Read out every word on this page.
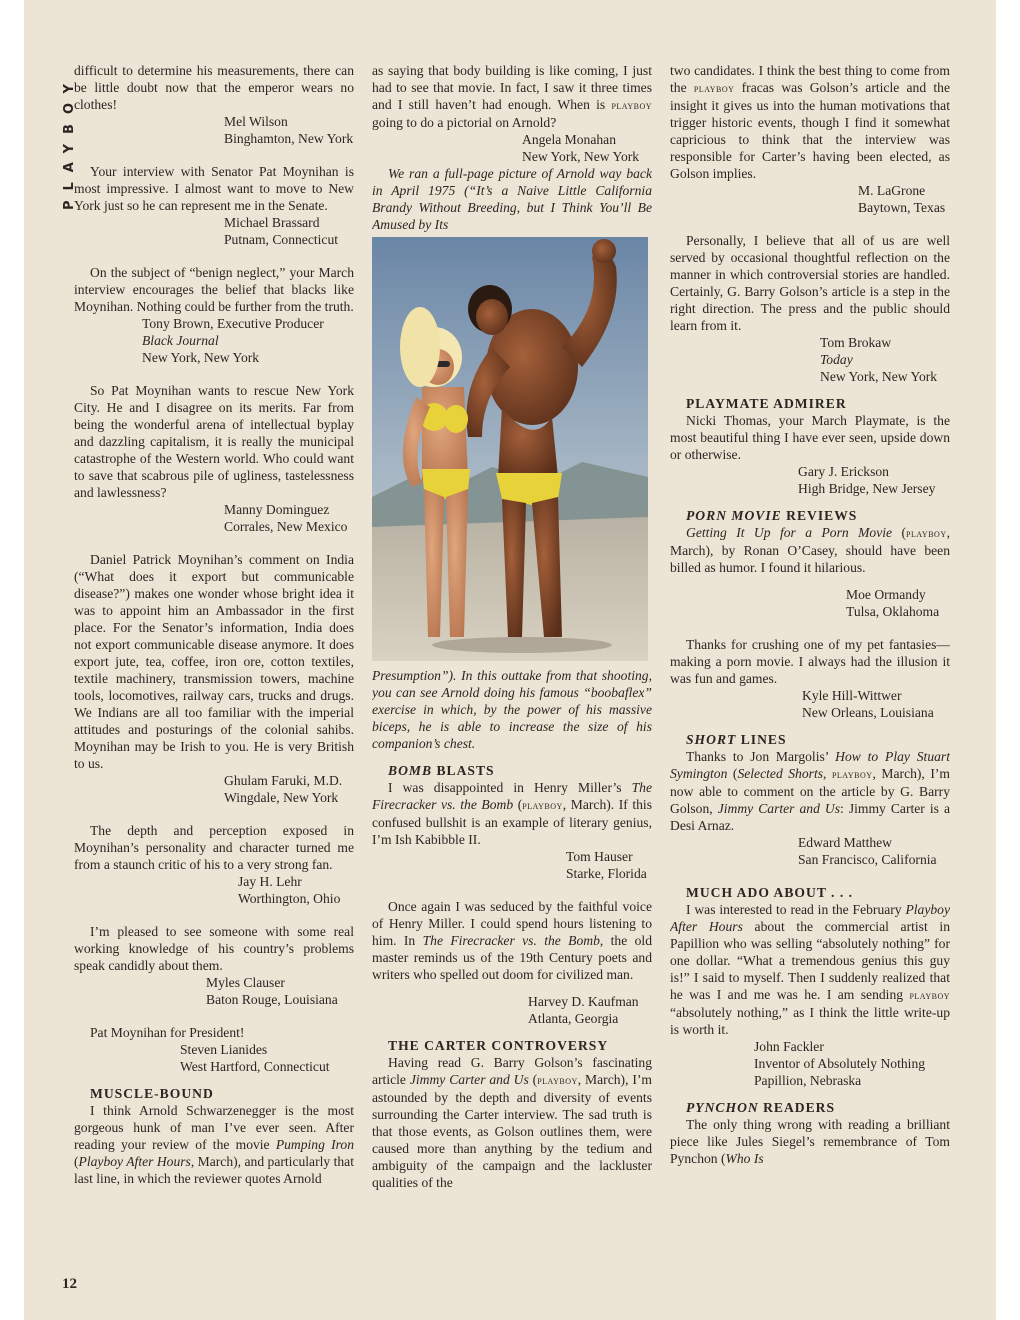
PLAYBOY
12

difficult to determine his measurements, there can be little doubt now that the emperor wears no clothes!

Mel Wilson

Binghamton, New York

Your interview with Senator Pat Moynihan is most impressive. I almost want to move to New York just so he can represent me in the Senate.

Michael Brassard

Putnam, Connecticut

On the subject of “benign neglect,” your March interview encourages the belief that blacks like Moynihan. Nothing could be further from the truth.

Tony Brown, Executive Producer

Black Journal

New York, New York

So Pat Moynihan wants to rescue New York City. He and I disagree on its merits. Far from being the wonderful arena of intellectual byplay and dazzling capitalism, it is really the municipal catastrophe of the Western world. Who could want to save that scabrous pile of ugliness, tastelessness and lawlessness?

Manny Dominguez

Corrales, New Mexico

Daniel Patrick Moynihan’s comment on India (“What does it export but communicable disease?”) makes one wonder whose bright idea it was to appoint him an Ambassador in the first place. For the Senator’s information, India does not export communicable disease anymore. It does export jute, tea, coffee, iron ore, cotton textiles, textile machinery, transmission towers, machine tools, locomotives, railway cars, trucks and drugs. We Indians are all too familiar with the imperial attitudes and posturings of the colonial sahibs. Moynihan may be Irish to you. He is very British to us.

Ghulam Faruki, M.D.

Wingdale, New York

The depth and perception exposed in Moynihan’s personality and character turned me from a staunch critic of his to a very strong fan.

Jay H. Lehr

Worthington, Ohio

I’m pleased to see someone with some real working knowledge of his country’s problems speak candidly about them.

Myles Clauser

Baton Rouge, Louisiana

Pat Moynihan for President!

Steven Lianides

West Hartford, Connecticut

MUSCLE-BOUND

I think Arnold Schwarzenegger is the most gorgeous hunk of man I’ve ever seen. After reading your review of the movie Pumping Iron (Playboy After Hours, March), and particularly that last line, in which the reviewer quotes Arnold

as saying that body building is like coming, I just had to see that movie. In fact, I saw it three times and I still haven’t had enough. When is playboy going to do a pictorial on Arnold?

Angela Monahan

New York, New York

We ran a full-page picture of Arnold way back in April 1975 (“It’s a Naive Little California Brandy Without Breeding, but I Think You’ll Be Amused by Its

Presumption”). In this outtake from that shooting, you can see Arnold doing his famous “boobaflex” exercise in which, by the power of his massive biceps, he is able to increase the size of his companion’s chest.

BOMB BLASTS

I was disappointed in Henry Miller’s The Firecracker vs. the Bomb (playboy, March). If this confused bullshit is an example of literary genius, I’m Ish Kabibble II.

Tom Hauser

Starke, Florida

Once again I was seduced by the faithful voice of Henry Miller. I could spend hours listening to him. In The Firecracker vs. the Bomb, the old master reminds us of the 19th Century poets and writers who spelled out doom for civilized man.

Harvey D. Kaufman

Atlanta, Georgia

THE CARTER CONTROVERSY

Having read G. Barry Golson’s fascinating article Jimmy Carter and Us (playboy, March), I’m astounded by the depth and diversity of events surrounding the Carter interview. The sad truth is that those events, as Golson outlines them, were caused more than anything by the tedium and ambiguity of the campaign and the lackluster qualities of the

two candidates. I think the best thing to come from the playboy fracas was Golson’s article and the insight it gives us into the human motivations that trigger historic events, though I find it somewhat capricious to think that the interview was responsible for Carter’s having been elected, as Golson implies.

M. LaGrone

Baytown, Texas

Personally, I believe that all of us are well served by occasional thoughtful reflection on the manner in which controversial stories are handled. Certainly, G. Barry Golson’s article is a step in the right direction. The press and the public should learn from it.

Tom Brokaw

Today

New York, New York

PLAYMATE ADMIRER

Nicki Thomas, your March Playmate, is the most beautiful thing I have ever seen, upside down or otherwise.

Gary J. Erickson

High Bridge, New Jersey

PORN MOVIE REVIEWS

Getting It Up for a Porn Movie (playboy, March), by Ronan O’Casey, should have been billed as humor. I found it hilarious.

Moe Ormandy

Tulsa, Oklahoma

Thanks for crushing one of my pet fantasies—making a porn movie. I always had the illusion it was fun and games.

Kyle Hill-Wittwer

New Orleans, Louisiana

SHORT LINES

Thanks to Jon Margolis’ How to Play Stuart Symington (Selected Shorts, playboy, March), I’m now able to comment on the article by G. Barry Golson, Jimmy Carter and Us: Jimmy Carter is a Desi Arnaz.

Edward Matthew

San Francisco, California

MUCH ADO ABOUT . . .

I was interested to read in the February Playboy After Hours about the commercial artist in Papillion who was selling “absolutely nothing” for one dollar. “What a tremendous genius this guy is!” I said to myself. Then I suddenly realized that he was I and me was he. I am sending playboy “absolutely nothing,” as I think the little write-up is worth it.

John Fackler

Inventor of Absolutely Nothing

Papillion, Nebraska

PYNCHON READERS

The only thing wrong with reading a brilliant piece like Jules Siegel’s remembrance of Tom Pynchon (Who Is
